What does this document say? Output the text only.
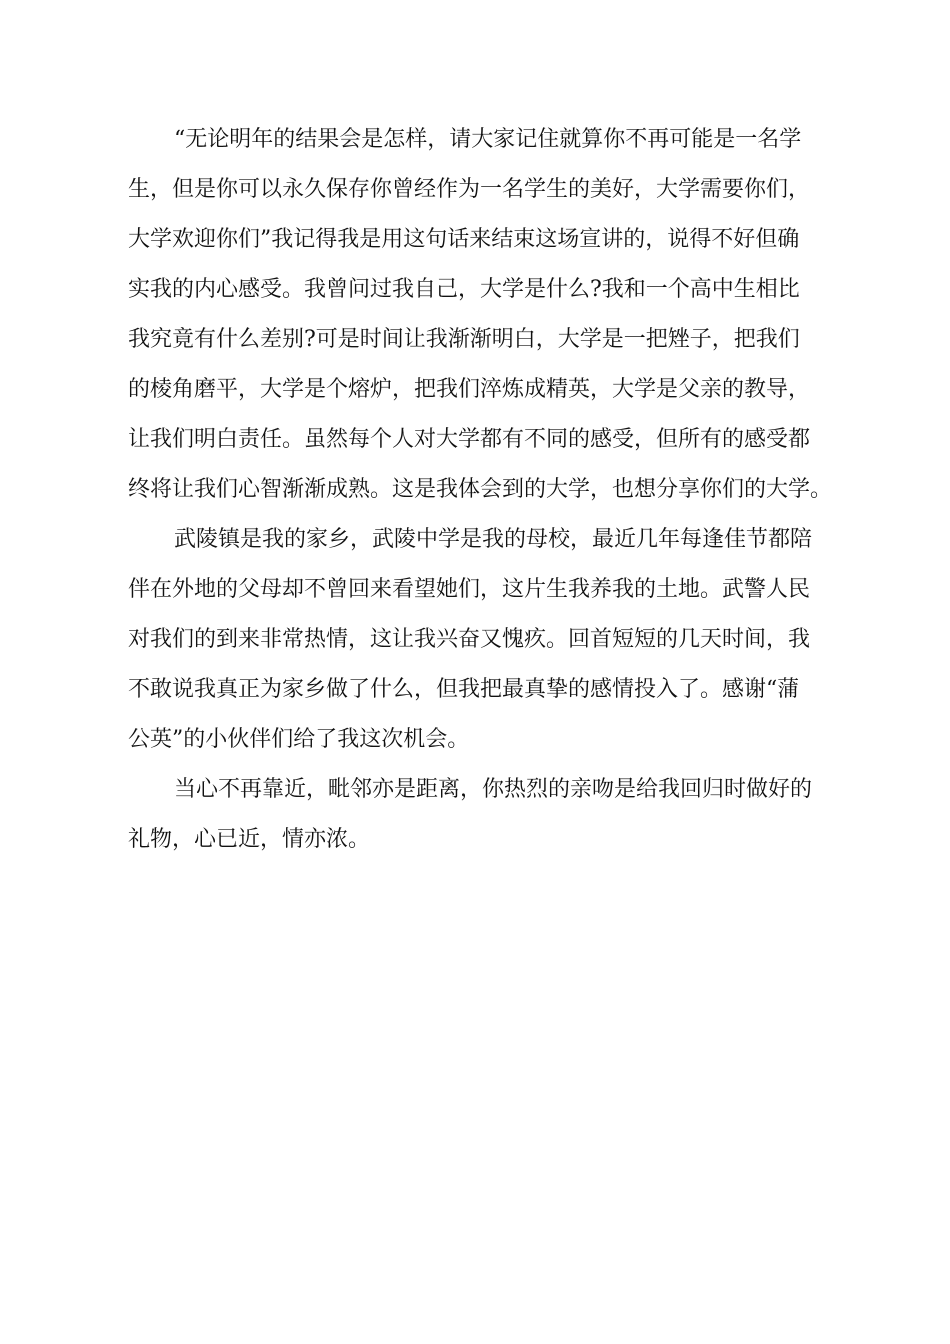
“无论明年的结果会是怎样，请大家记住就算你不再可能是一名学
生，但是你可以永久保存你曾经作为一名学生的美好，大学需要你们，
大学欢迎你们”我记得我是用这句话来结束这场宣讲的，说得不好但确
实我的内心感受。我曾问过我自己，大学是什么?我和一个高中生相比
我究竟有什么差别?可是时间让我渐渐明白，大学是一把矬子，把我们
的棱角磨平，大学是个熔炉，把我们淬炼成精英，大学是父亲的教导，
让我们明白责任。虽然每个人对大学都有不同的感受，但所有的感受都
终将让我们心智渐渐成熟。这是我体会到的大学，也想分享你们的大学。
武陵镇是我的家乡，武陵中学是我的母校，最近几年每逢佳节都陪
伴在外地的父母却不曾回来看望她们，这片生我养我的土地。武警人民
对我们的到来非常热情，这让我兴奋又愧疚。回首短短的几天时间，我
不敢说我真正为家乡做了什么，但我把最真挚的感情投入了。感谢“蒲
公英”的小伙伴们给了我这次机会。
当心不再靠近，毗邻亦是距离，你热烈的亲吻是给我回归时做好的
礼物，心已近，情亦浓。
